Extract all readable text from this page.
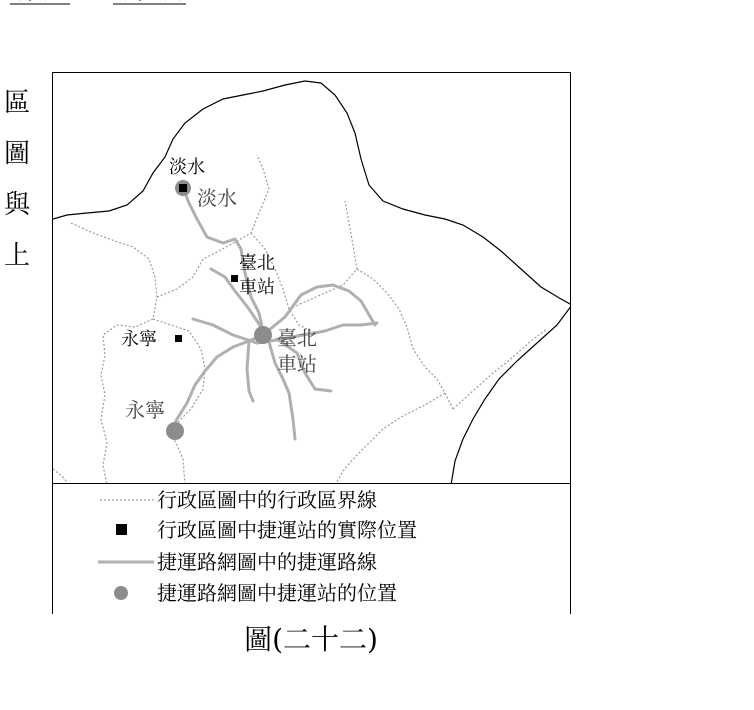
區
圖
與
上
淡水
臺北
車站
永寧
淡水
臺北
車站
永寧
行政區圖中的行政區界線
行政區圖中捷運站的實際位置
捷運路網圖中的捷運路線
捷運路網圖中捷運站的位置
圖(二十二)
